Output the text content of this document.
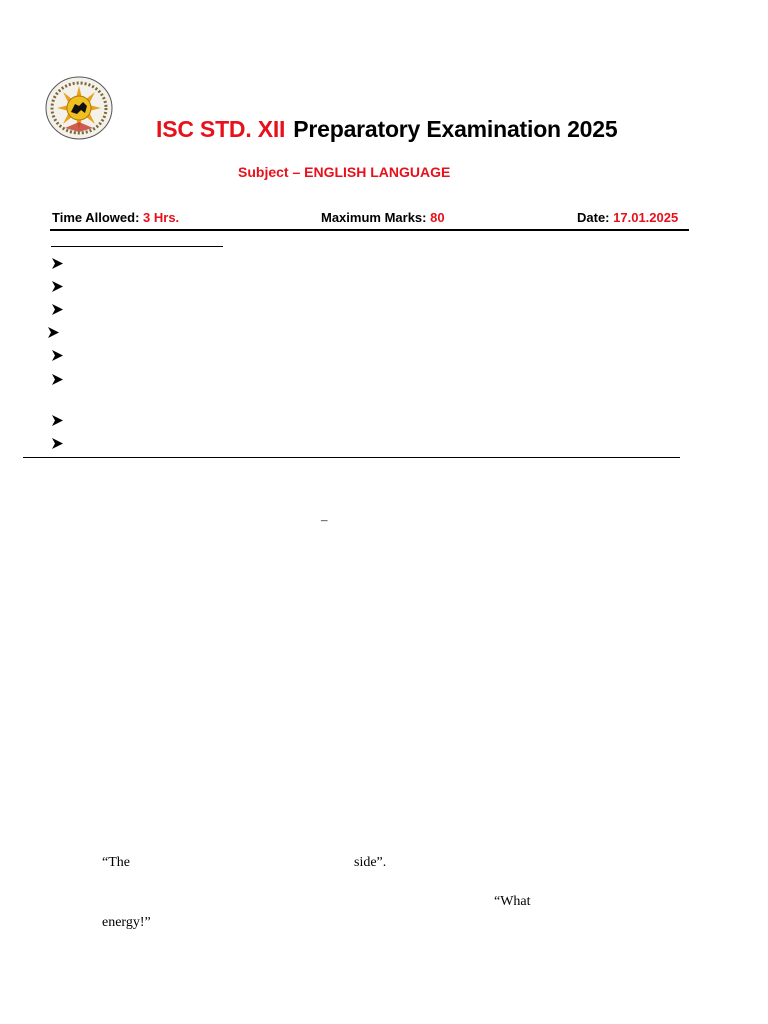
ISC STD. XII Preparatory Examination 2025
Subject – ENGLISH LANGUAGE
Time Allowed: 3 Hrs.	Maximum Marks: 80	Date: 17.01.2025
–
“The	side”.
“What
energy!”
